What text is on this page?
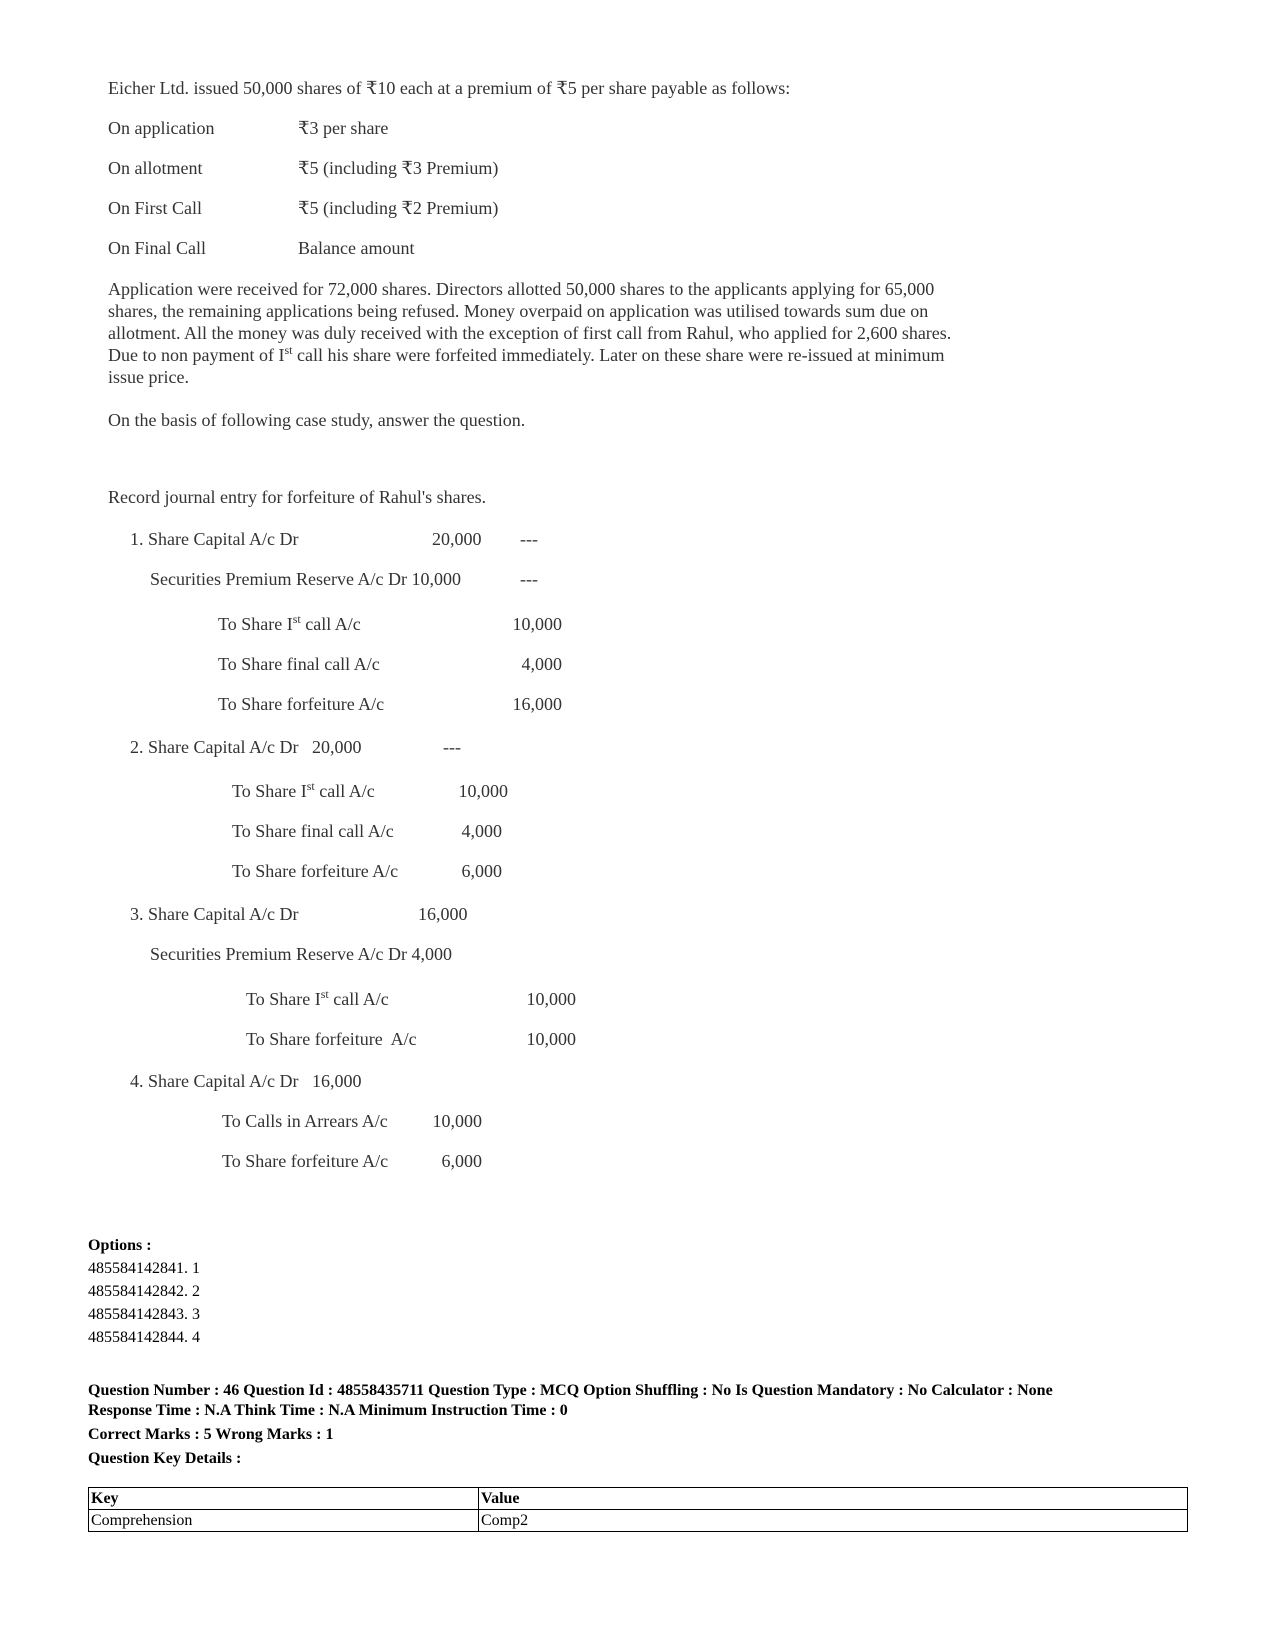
Eicher Ltd. issued 50,000 shares of ₹10 each at a premium of ₹5 per share payable as follows:
On application	₹3 per share
On allotment	₹5 (including ₹3 Premium)
On First Call	₹5 (including ₹2 Premium)
On Final Call	Balance amount
Application were received for 72,000 shares. Directors allotted 50,000 shares to the applicants applying for 65,000 shares, the remaining applications being refused. Money overpaid on application was utilised towards sum due on allotment. All the money was duly received with the exception of first call from Rahul, who applied for 2,600 shares. Due to non payment of Ist call his share were forfeited immediately. Later on these share were re-issued at minimum issue price.
On the basis of following case study, answer the question.
Record journal entry for forfeiture of Rahul's shares.
1. Share Capital A/c Dr	20,000 ---
Securities Premium Reserve A/c Dr 10,000	---
To Share Ist call A/c	10,000
To Share final call A/c	4,000
To Share forfeiture A/c	16,000
2. Share Capital A/c Dr   20,000	---
To Share Ist call A/c	10,000
To Share final call A/c	4,000
To Share forfeiture A/c	6,000
3. Share Capital A/c Dr	16,000
Securities Premium Reserve A/c Dr 4,000
To Share Ist call A/c	10,000
To Share forfeiture  A/c	10,000
4. Share Capital A/c Dr   16,000
To Calls in Arrears A/c	10,000
To Share forfeiture A/c	6,000
Options :
485584142841. 1
485584142842. 2
485584142843. 3
485584142844. 4
Question Number : 46 Question Id : 48558435711 Question Type : MCQ Option Shuffling : No Is Question Mandatory : No Calculator : None
Response Time : N.A Think Time : N.A Minimum Instruction Time : 0
Correct Marks : 5 Wrong Marks : 1
Question Key Details :
Key	Value
Comprehension	Comp2
